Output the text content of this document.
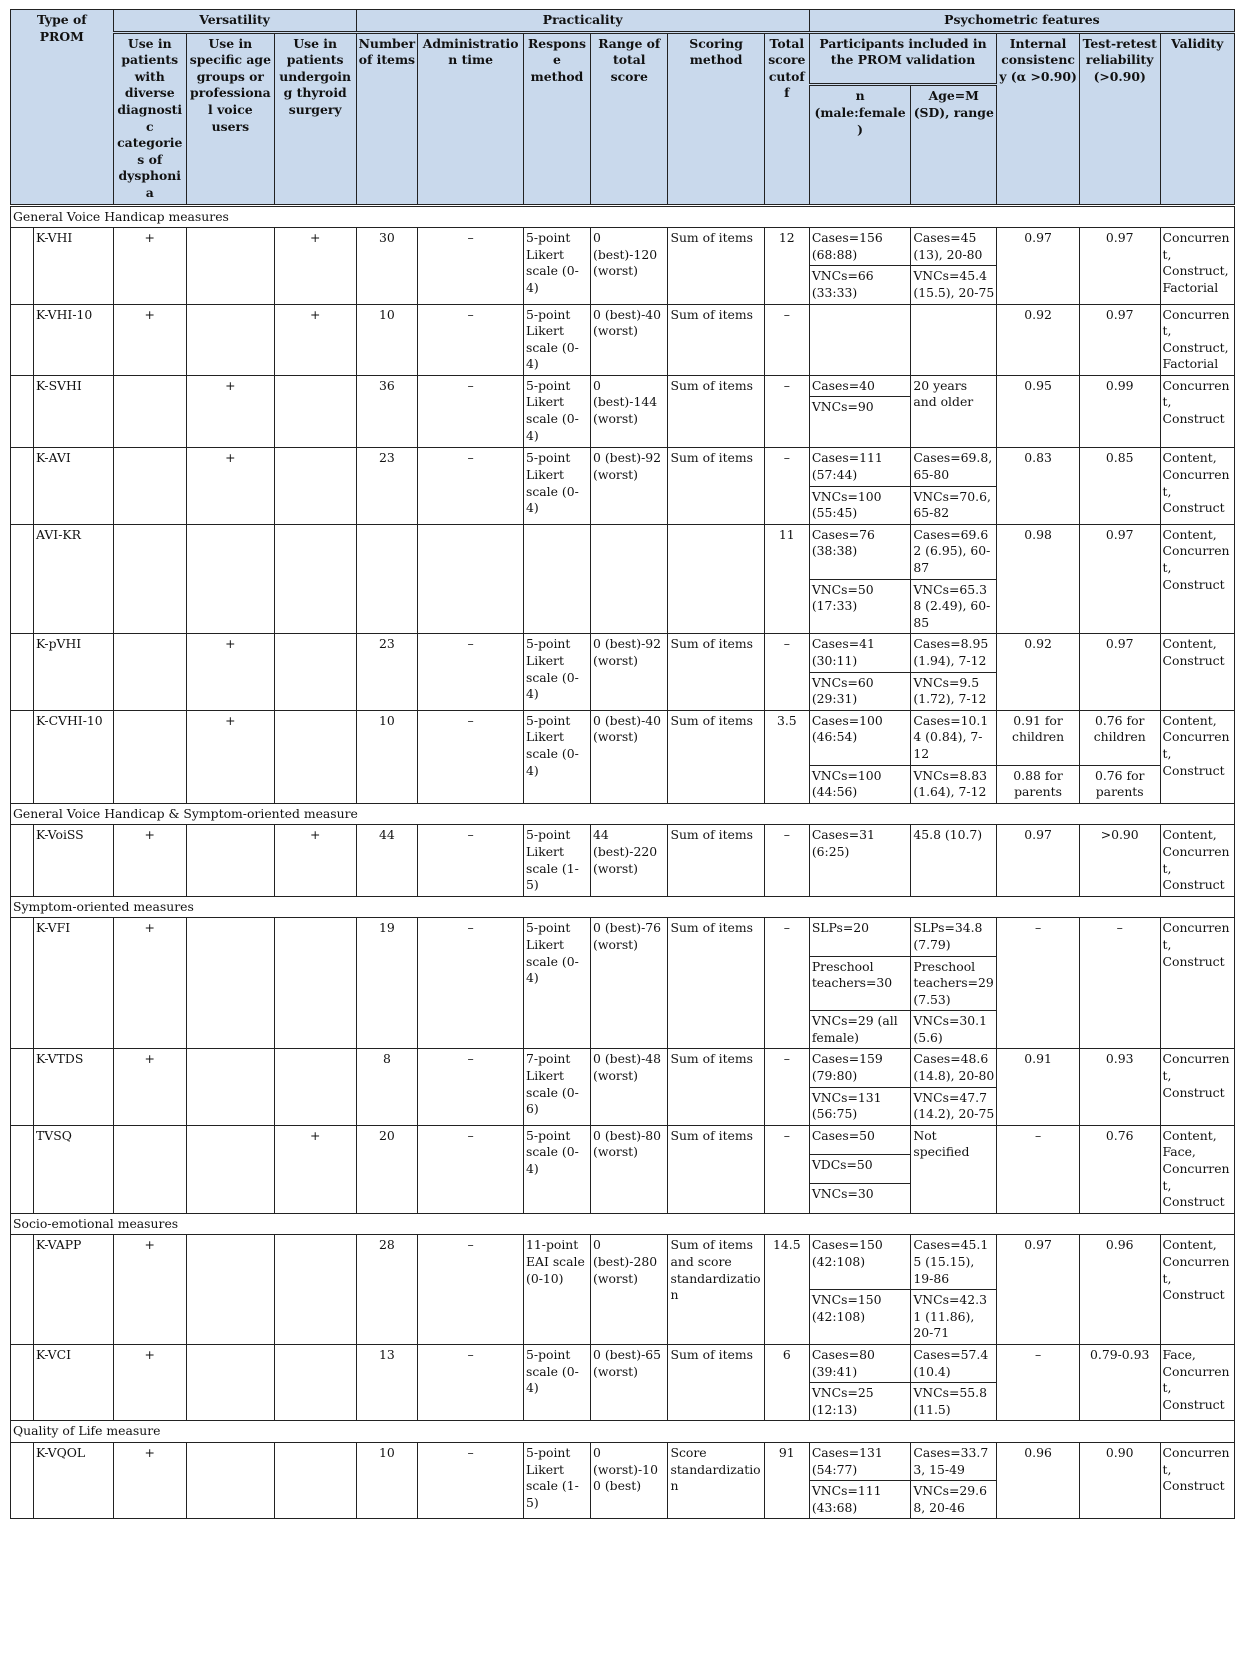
Type of PROM		Versatility			Practicality						Psychometric features				
		Use in patients with diverse diagnostic categories of dysphonia	Use in specific age groups or professional voice users	Use in patients undergoing thyroid surgery	Number of items	Administration time	Response method	Range of total score	Scoring method	Total score cutoff	Participants included in the PROM validation		Internal consistency (α >0.90)	Test-retest reliability (>0.90)	Validity
											n (male:female)	Age=M (SD), range			
General Voice Handicap measures															
	K-VHI	+		+	30	–	5-point Likert scale (0-4)	0 (best)-120 (worst)	Sum of items	12	Cases=156 (68:88)	Cases=45 (13), 20-80	0.97	0.97	Concurrent, Construct, Factorial
											VNCs=66 (33:33)	VNCs=45.4 (15.5), 20-75			
	K-VHI-10	+		+	10	–	5-point Likert scale (0-4)	0 (best)-40 (worst)	Sum of items	–			0.92	0.97	Concurrent, Construct, Factorial
	K-SVHI		+		36	–	5-point Likert scale (0-4)	0 (best)-144 (worst)	Sum of items	–	Cases=40	20 years and older	0.95	0.99	Concurrent, Construct
											VNCs=90				
	K-AVI		+		23	–	5-point Likert scale (0-4)	0 (best)-92 (worst)	Sum of items	–	Cases=111 (57:44)	Cases=69.8, 65-80	0.83	0.85	Content, Concurrent, Construct
											VNCs=100 (55:45)	VNCs=70.6, 65-82			
	AVI-KR									11	Cases=76 (38:38)	Cases=69.62 (6.95), 60-87	0.98	0.97	Content, Concurrent, Construct
											VNCs=50 (17:33)	VNCs=65.38 (2.49), 60-85			
	K-pVHI		+		23	–	5-point Likert scale (0-4)	0 (best)-92 (worst)	Sum of items	–	Cases=41 (30:11)	Cases=8.95 (1.94), 7-12	0.92	0.97	Content, Construct
											VNCs=60 (29:31)	VNCs=9.5 (1.72), 7-12			
	K-CVHI-10		+		10	–	5-point Likert scale (0-4)	0 (best)-40 (worst)	Sum of items	3.5	Cases=100 (46:54)	Cases=10.14 (0.84), 7-12	0.91 for children	0.76 for children	Content, Concurrent, Construct
											VNCs=100 (44:56)	VNCs=8.83 (1.64), 7-12	0.88 for parents	0.76 for parents	
General Voice Handicap & Symptom-oriented measure															
	K-VoiSS	+		+	44	–	5-point Likert scale (1-5)	44 (best)-220 (worst)	Sum of items	–	Cases=31 (6:25)	45.8 (10.7)	0.97	>0.90	Content, Concurrent, Construct
Symptom-oriented measures															
	K-VFI	+			19	–	5-point Likert scale (0-4)	0 (best)-76 (worst)	Sum of items	–	SLPs=20	SLPs=34.8 (7.79)	–	–	Concurrent, Construct
											Preschool teachers=30	Preschool teachers=29 (7.53)			
											VNCs=29 (all female)	VNCs=30.1 (5.6)			
	K-VTDS	+			8	–	7-point Likert scale (0-6)	0 (best)-48 (worst)	Sum of items	–	Cases=159 (79:80)	Cases=48.6 (14.8), 20-80	0.91	0.93	Concurrent, Construct
											VNCs=131 (56:75)	VNCs=47.7 (14.2), 20-75			
	TVSQ			+	20	–	5-point scale (0-4)	0 (best)-80 (worst)	Sum of items	–	Cases=50	Not specified	–	0.76	Content, Face, Concurrent, Construct
											VDCs=50				
											VNCs=30				
Socio-emotional measures															
	K-VAPP	+			28	–	11-point EAI scale (0-10)	0 (best)-280 (worst)	Sum of items and score standardization	14.5	Cases=150 (42:108)	Cases=45.15 (15.15), 19-86	0.97	0.96	Content, Concurrent, Construct
											VNCs=150 (42:108)	VNCs=42.31 (11.86), 20-71			
	K-VCI	+			13	–	5-point scale (0-4)	0 (best)-65 (worst)	Sum of items	6	Cases=80 (39:41)	Cases=57.4 (10.4)	–	0.79-0.93	Face, Concurrent, Construct
											VNCs=25 (12:13)	VNCs=55.8 (11.5)			
Quality of Life measure															
	K-VQOL	+			10	–	5-point Likert scale (1-5)	0 (worst)-100 (best)	Score standardization	91	Cases=131 (54:77)	Cases=33.73, 15-49	0.96	0.90	Concurrent, Construct
											VNCs=111 (43:68)	VNCs=29.68, 20-46			
